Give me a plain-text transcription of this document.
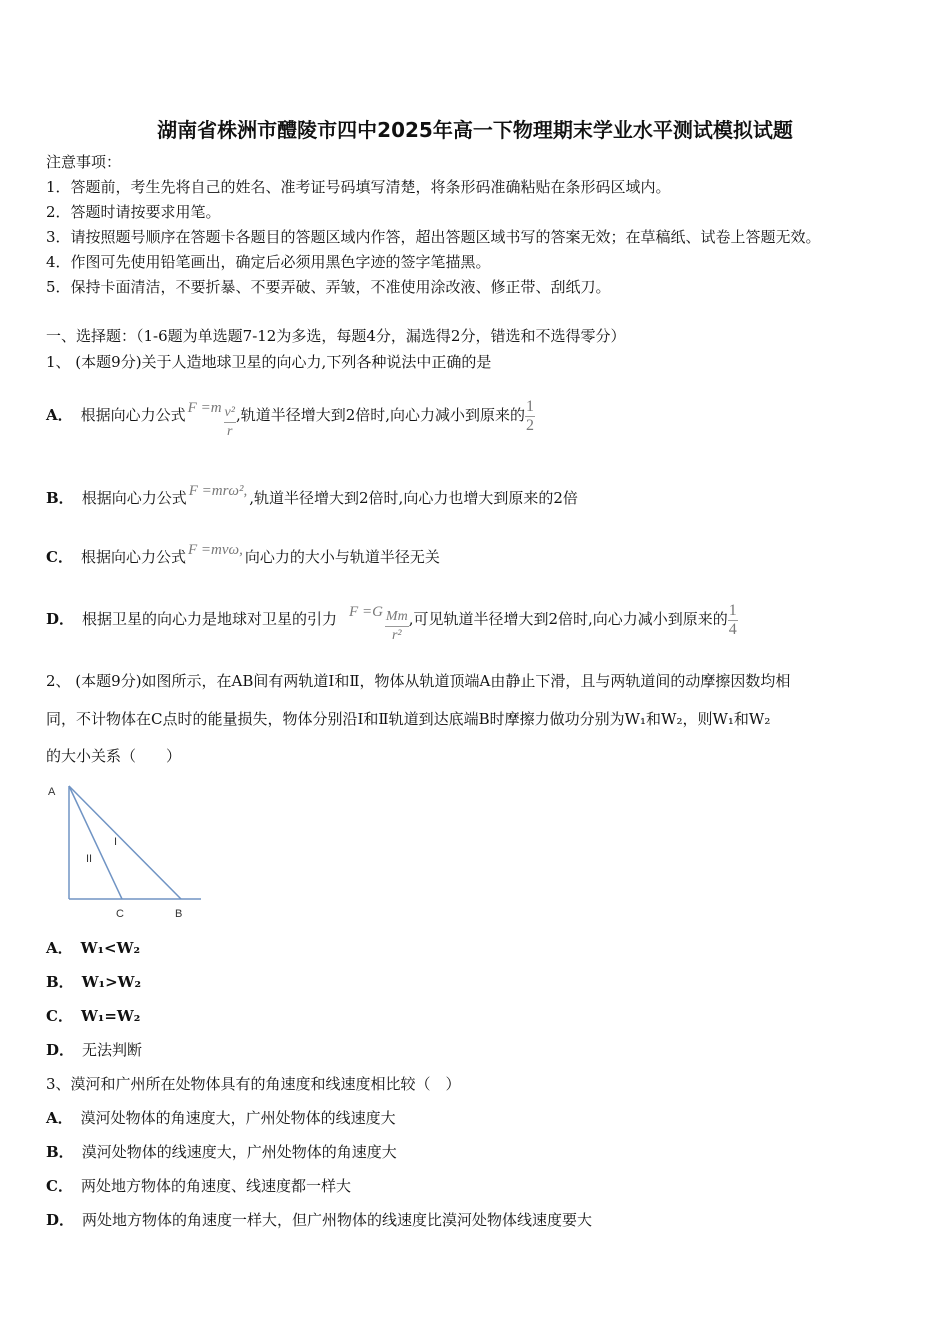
湖南省株洲市醴陵市四中2025年高一下物理期末学业水平测试模拟试题
注意事项：
1．答题前，考生先将自己的姓名、准考证号码填写清楚，将条形码准确粘贴在条形码区域内。
2．答题时请按要求用笔。
3．请按照题号顺序在答题卡各题目的答题区域内作答，超出答题区域书写的答案无效；在草稿纸、试卷上答题无效。
4．作图可先使用铅笔画出，确定后必须用黑色字迹的签字笔描黑。
5．保持卡面清洁，不要折暴、不要弄破、弄皱，不准使用涂改液、修正带、刮纸刀。
一、选择题：（1-6题为单选题7-12为多选，每题4分，漏选得2分，错选和不选得零分）
1、 (本题9分)关于人造地球卫星的向心力,下列各种说法中正确的是
A． 根据向心力公式 $F =m \frac{\text{v²}}{r}$ ,轨道半径增大到2倍时,向心力减小到原来的 $\frac{1}{2}$
B． 根据向心力公式 F =mrω², ,轨道半径增大到2倍时,向心力也增大到原来的2倍
C． 根据向心力公式 F =mvω, 向心力的大小与轨道半径无关
D． 根据卫星的向心力是地球对卫星的引力 $F =G \frac{Mm}{\text{r²}}$ ,可见轨道半径增大到2倍时,向心力减小到原来的 $\frac{1}{4}$
2、 (本题9分)如图所示，在AB间有两轨道Ⅰ和Ⅱ，物体从轨道顶端A由静止下滑，且与两轨道间的动摩擦因数均相
同，不计物体在C点时的能量损失，物体分别沿Ⅰ和Ⅱ轨道到达底端B时摩擦力做功分别为W₁和W₂，则W₁和W₂
的大小关系（　　）
A
I
II
C	B
A． W₁<W₂
B． W₁>W₂
C． W₁=W₂
D． 无法判断
3、漠河和广州所在处物体具有的角速度和线速度相比较（　）
A． 漠河处物体的角速度大，广州处物体的线速度大
B． 漠河处物体的线速度大，广州处物体的角速度大
C． 两处地方物体的角速度、线速度都一样大
D． 两处地方物体的角速度一样大，但广州物体的线速度比漠河处物体线速度要大
